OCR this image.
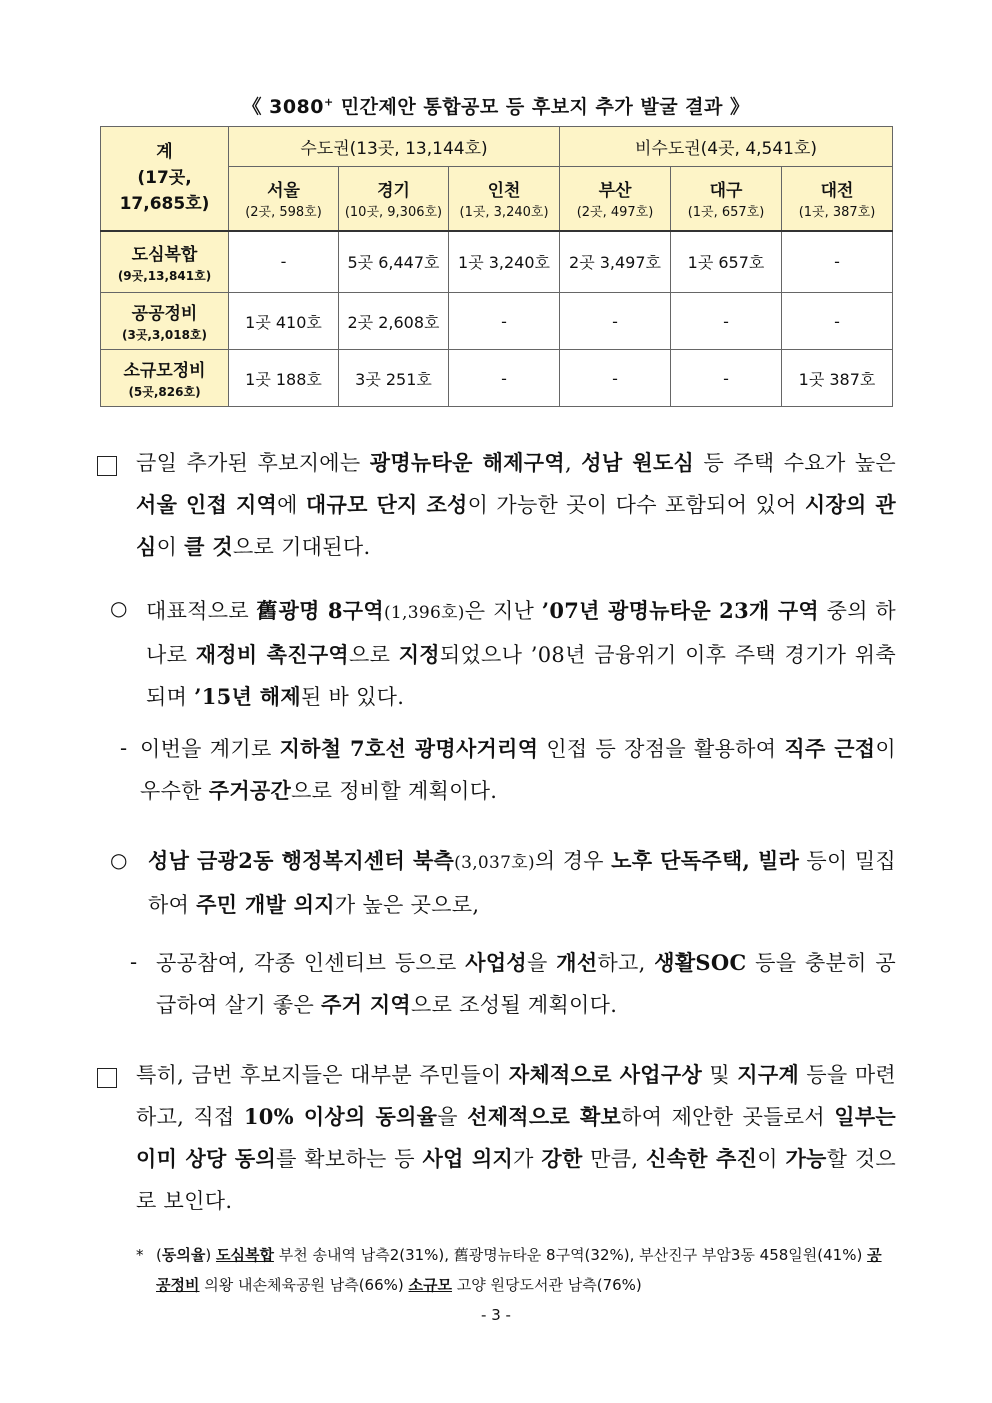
《 3080+ 민간제안 통합공모 등 후보지 추가 발굴 결과 》
계
(17곳,
17,685호)	수도권(13곳, 13,144호)			비수도권(4곳, 4,541호)		
	서울
(2곳, 598호)	경기
(10곳, 9,306호)	인천
(1곳, 3,240호)	부산
(2곳, 497호)	대구
(1곳, 657호)	대전
(1곳, 387호)

도심복합
(9곳,13,841호)	-	5곳 6,447호	1곳 3,240호	2곳 3,497호	1곳 657호	-

공공정비
(3곳,3,018호)	1곳 410호	2곳 2,608호	-	-	-	-

소규모정비
(5곳,826호)	1곳 188호	3곳 251호	-	-	-	1곳 387호
금일 추가된 후보지에는 광명뉴타운 해제구역, 성남 원도심 등 주택 수요가 높은 서울 인접 지역에 대규모 단지 조성이 가능한 곳이 다수 포함되어 있어 시장의 관심이 클 것으로 기대된다.
○ 대표적으로 舊광명 8구역(1,396호)은 지난 ’07년 광명뉴타운 23개 구역 중의 하나로 재정비 촉진구역으로 지정되었으나 ’08년 금융위기 이후 주택 경기가 위축되며 ’15년 해제된 바 있다.
- 이번을 계기로 지하철 7호선 광명사거리역 인접 등 장점을 활용하여 직주 근접이 우수한 주거공간으로 정비할 계획이다.
○ 성남 금광2동 행정복지센터 북측(3,037호)의 경우 노후 단독주택, 빌라 등이 밀집하여 주민 개발 의지가 높은 곳으로,
- 공공참여, 각종 인센티브 등으로 사업성을 개선하고, 생활SOC 등을 충분히 공급하여 살기 좋은 주거 지역으로 조성될 계획이다.
특히, 금번 후보지들은 대부분 주민들이 자체적으로 사업구상 및 지구계 등을 마련하고, 직접 10% 이상의 동의율을 선제적으로 확보하여 제안한 곳들로서 일부는 이미 상당 동의를 확보하는 등 사업 의지가 강한 만큼, 신속한 추진이 가능할 것으로 보인다.
* (동의율) 도심복합 부천 송내역 남측2(31%), 舊광명뉴타운 8구역(32%), 부산진구 부암3동 458일원(41%) 공공정비 의왕 내손체육공원 남측(66%) 소규모 고양 원당도서관 남측(76%)
- 3 -
